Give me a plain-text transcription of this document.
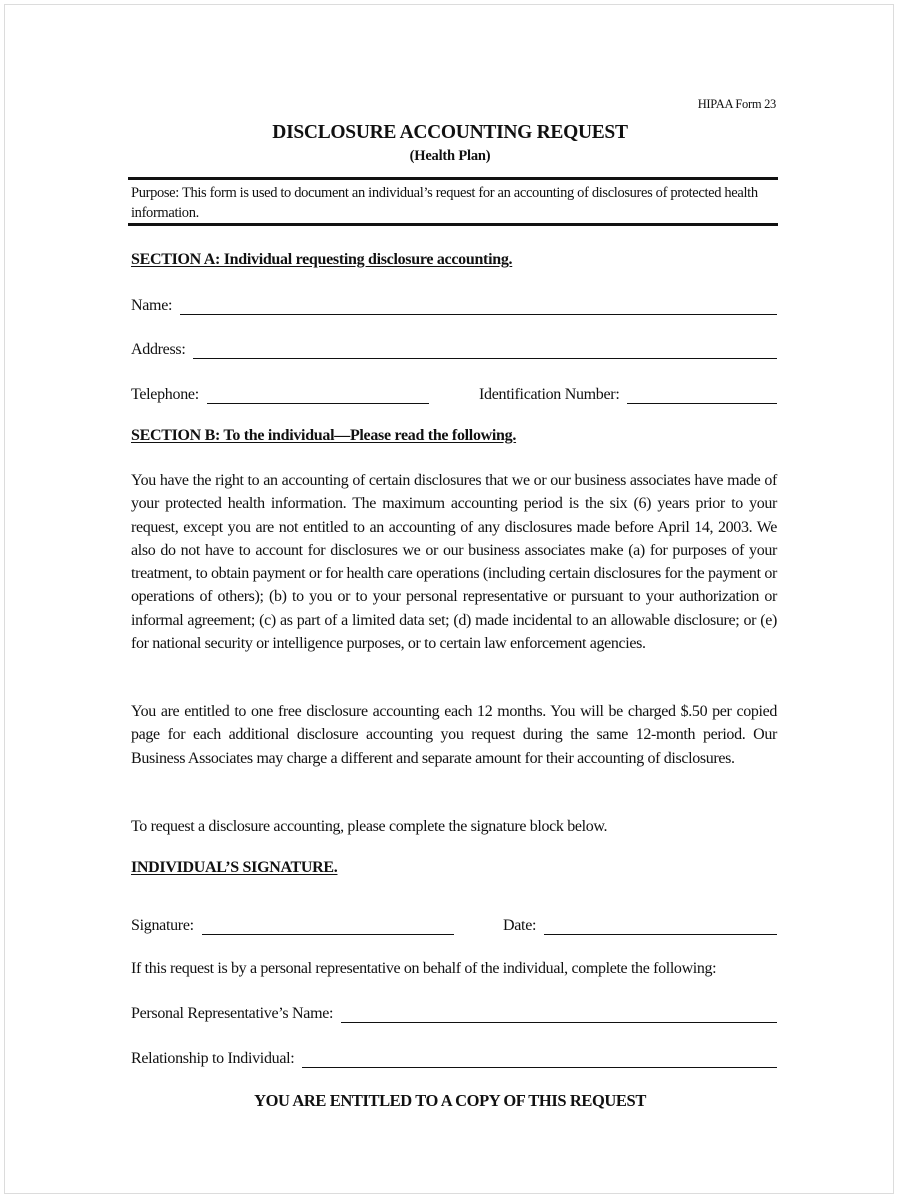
HIPAA Form 23
DISCLOSURE ACCOUNTING REQUEST
(Health Plan)
Purpose: This form is used to document an individual’s request for an accounting of disclosures of protected health information.
SECTION A: Individual requesting disclosure accounting.
Name:
Address:
Telephone:	Identification Number:
SECTION B: To the individual—Please read the following.
You have the right to an accounting of certain disclosures that we or our business associates have made of your protected health information. The maximum accounting period is the six (6) years prior to your request, except you are not entitled to an accounting of any disclosures made before April 14, 2003. We also do not have to account for disclosures we or our business associates make (a) for purposes of your treatment, to obtain payment or for health care operations (including certain disclosures for the payment or operations of others); (b) to you or to your personal representative or pursuant to your authorization or informal agreement; (c) as part of a limited data set; (d) made incidental to an allowable disclosure; or (e) for national security or intelligence purposes, or to certain law enforcement agencies.
You are entitled to one free disclosure accounting each 12 months. You will be charged $.50 per copied page for each additional disclosure accounting you request during the same 12-month period. Our Business Associates may charge a different and separate amount for their accounting of disclosures.
To request a disclosure accounting, please complete the signature block below.
INDIVIDUAL’S SIGNATURE.
Signature:	Date:
If this request is by a personal representative on behalf of the individual, complete the following:
Personal Representative’s Name:
Relationship to Individual:
YOU ARE ENTITLED TO A COPY OF THIS REQUEST
